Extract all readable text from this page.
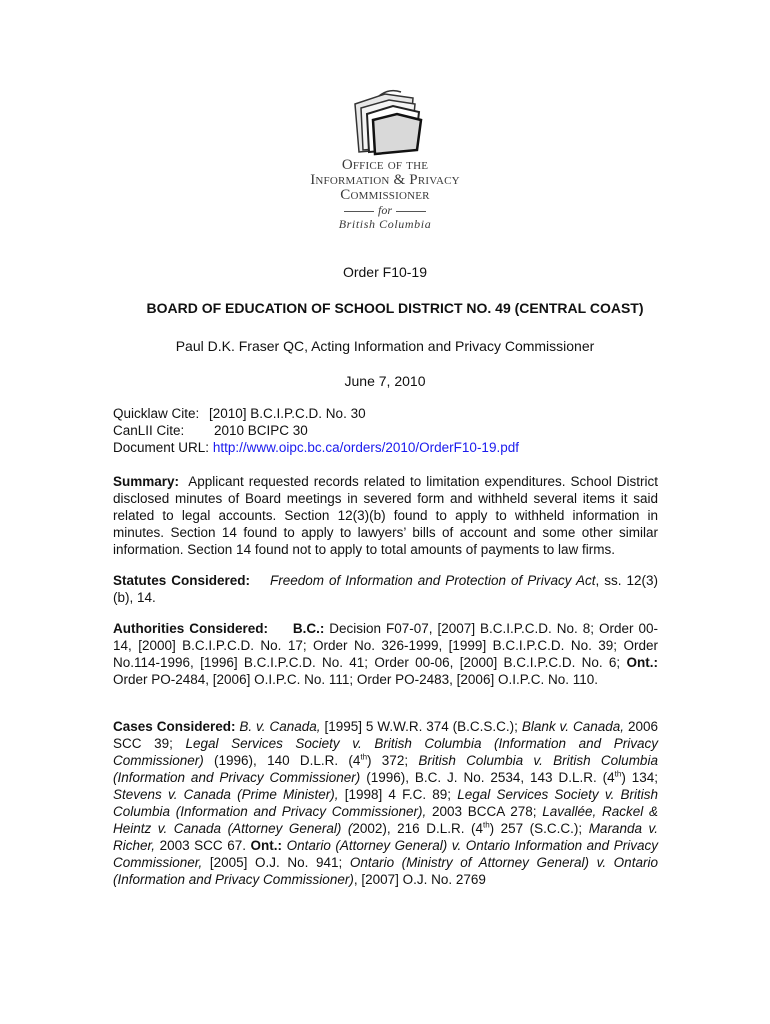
Office of the
Information & Privacy
Commissioner
for
British Columbia
Order F10-19
BOARD OF EDUCATION OF SCHOOL DISTRICT NO. 49 (CENTRAL COAST)
Paul D.K. Fraser QC, Acting Information and Privacy Commissioner
June 7, 2010
Quicklaw Cite: [2010] B.C.I.P.C.D. No. 30
CanLII Cite: 2010 BCIPC 30
Document URL: http://www.oipc.bc.ca/orders/2010/OrderF10-19.pdf
Summary: Applicant requested records related to limitation expenditures. School District disclosed minutes of Board meetings in severed form and withheld several items it said related to legal accounts. Section 12(3)(b) found to apply to withheld information in minutes. Section 14 found to apply to lawyers’ bills of account and some other similar information. Section 14 found not to apply to total amounts of payments to law firms.
Statutes Considered: Freedom of Information and Protection of Privacy Act, ss. 12(3)(b), 14.
Authorities Considered: B.C.: Decision F07-07, [2007] B.C.I.P.C.D. No. 8; Order 00-14, [2000] B.C.I.P.C.D. No. 17; Order No. 326-1999, [1999] B.C.I.P.C.D. No. 39; Order No.114-1996, [1996] B.C.I.P.C.D. No. 41; Order 00-06, [2000] B.C.I.P.C.D. No. 6; Ont.: Order PO-2484, [2006] O.I.P.C. No. 111; Order PO-2483, [2006] O.I.P.C. No. 110.
Cases Considered: B. v. Canada, [1995] 5 W.W.R. 374 (B.C.S.C.); Blank v. Canada, 2006 SCC 39; Legal Services Society v. British Columbia (Information and Privacy Commissioner) (1996), 140 D.L.R. (4th) 372; British Columbia v. British Columbia (Information and Privacy Commissioner) (1996), B.C. J. No. 2534, 143 D.L.R. (4th) 134; Stevens v. Canada (Prime Minister), [1998] 4 F.C. 89; Legal Services Society v. British Columbia (Information and Privacy Commissioner), 2003 BCCA 278; Lavallée, Rackel & Heintz v. Canada (Attorney General) (2002), 216 D.L.R. (4th) 257 (S.C.C.); Maranda v. Richer, 2003 SCC 67. Ont.: Ontario (Attorney General) v. Ontario Information and Privacy Commissioner, [2005] O.J. No. 941; Ontario (Ministry of Attorney General) v. Ontario (Information and Privacy Commissioner), [2007] O.J. No. 2769
